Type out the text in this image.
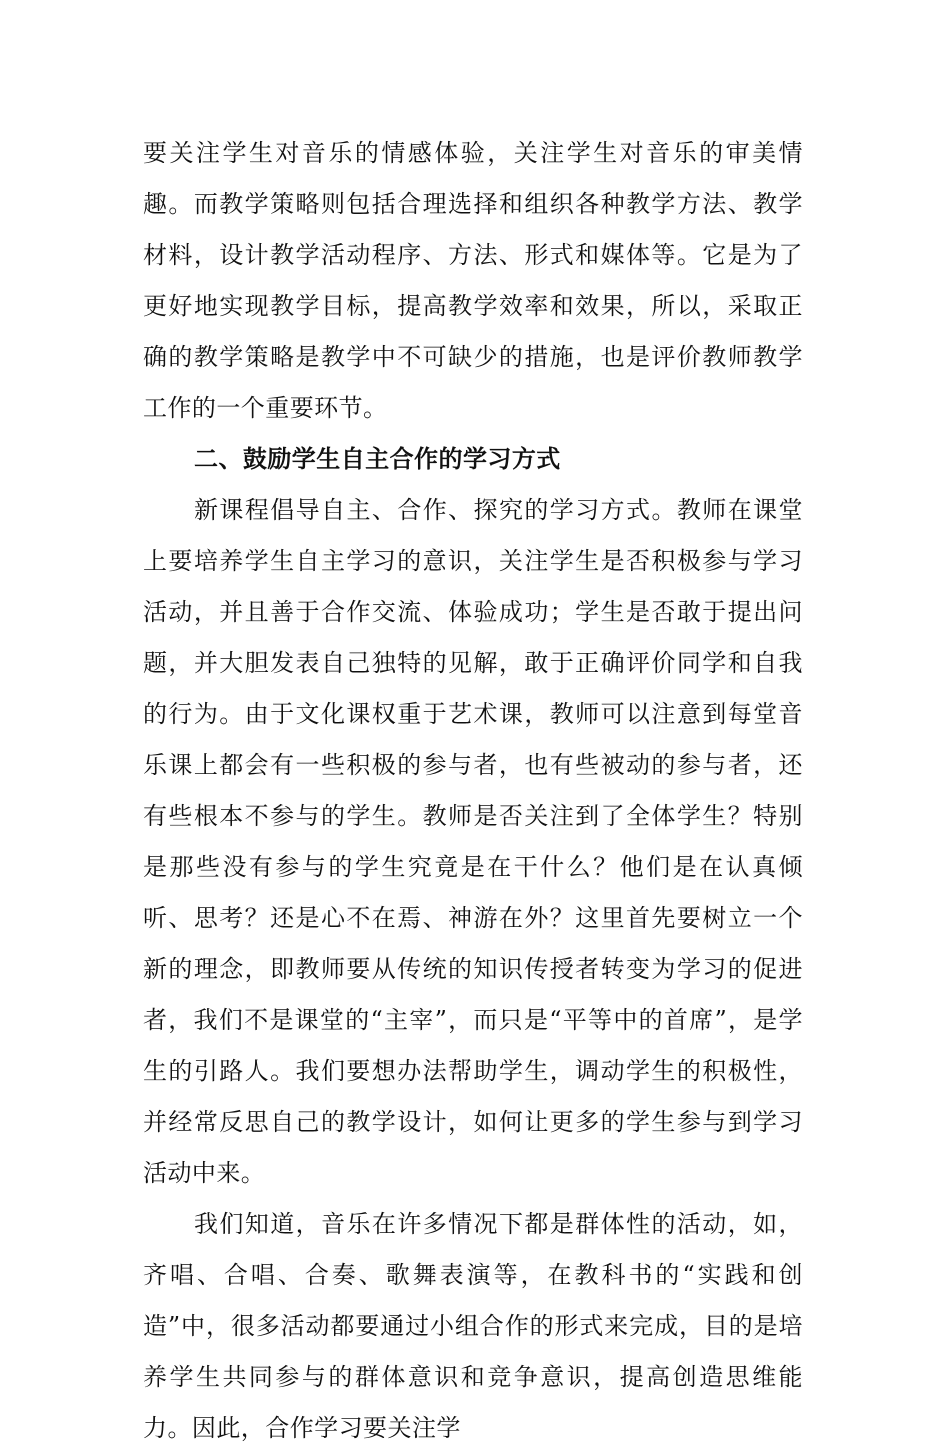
要关注学生对音乐的情感体验，关注学生对音乐的审美情趣。而教学策略则包括合理选择和组织各种教学方法、教学材料，设计教学活动程序、方法、形式和媒体等。它是为了更好地实现教学目标，提高教学效率和效果，所以，采取正确的教学策略是教学中不可缺少的措施，也是评价教师教学工作的一个重要环节。

二、鼓励学生自主合作的学习方式

新课程倡导自主、合作、探究的学习方式。教师在课堂上要培养学生自主学习的意识，关注学生是否积极参与学习活动，并且善于合作交流、体验成功；学生是否敢于提出问题，并大胆发表自己独特的见解，敢于正确评价同学和自我的行为。由于文化课权重于艺术课，教师可以注意到每堂音乐课上都会有一些积极的参与者，也有些被动的参与者，还有些根本不参与的学生。教师是否关注到了全体学生？特别是那些没有参与的学生究竟是在干什么？他们是在认真倾听、思考？还是心不在焉、神游在外？这里首先要树立一个新的理念，即教师要从传统的知识传授者转变为学习的促进者，我们不是课堂的“主宰”，而只是“平等中的首席”，是学生的引路人。我们要想办法帮助学生，调动学生的积极性，并经常反思自己的教学设计，如何让更多的学生参与到学习活动中来。

我们知道，音乐在许多情况下都是群体性的活动，如，齐唱、合唱、合奏、歌舞表演等，在教科书的“实践和创造”中，很多活动都要通过小组合作的形式来完成，目的是培养学生共同参与的群体意识和竞争意识，提高创造思维能力。因此，合作学习要关注学
